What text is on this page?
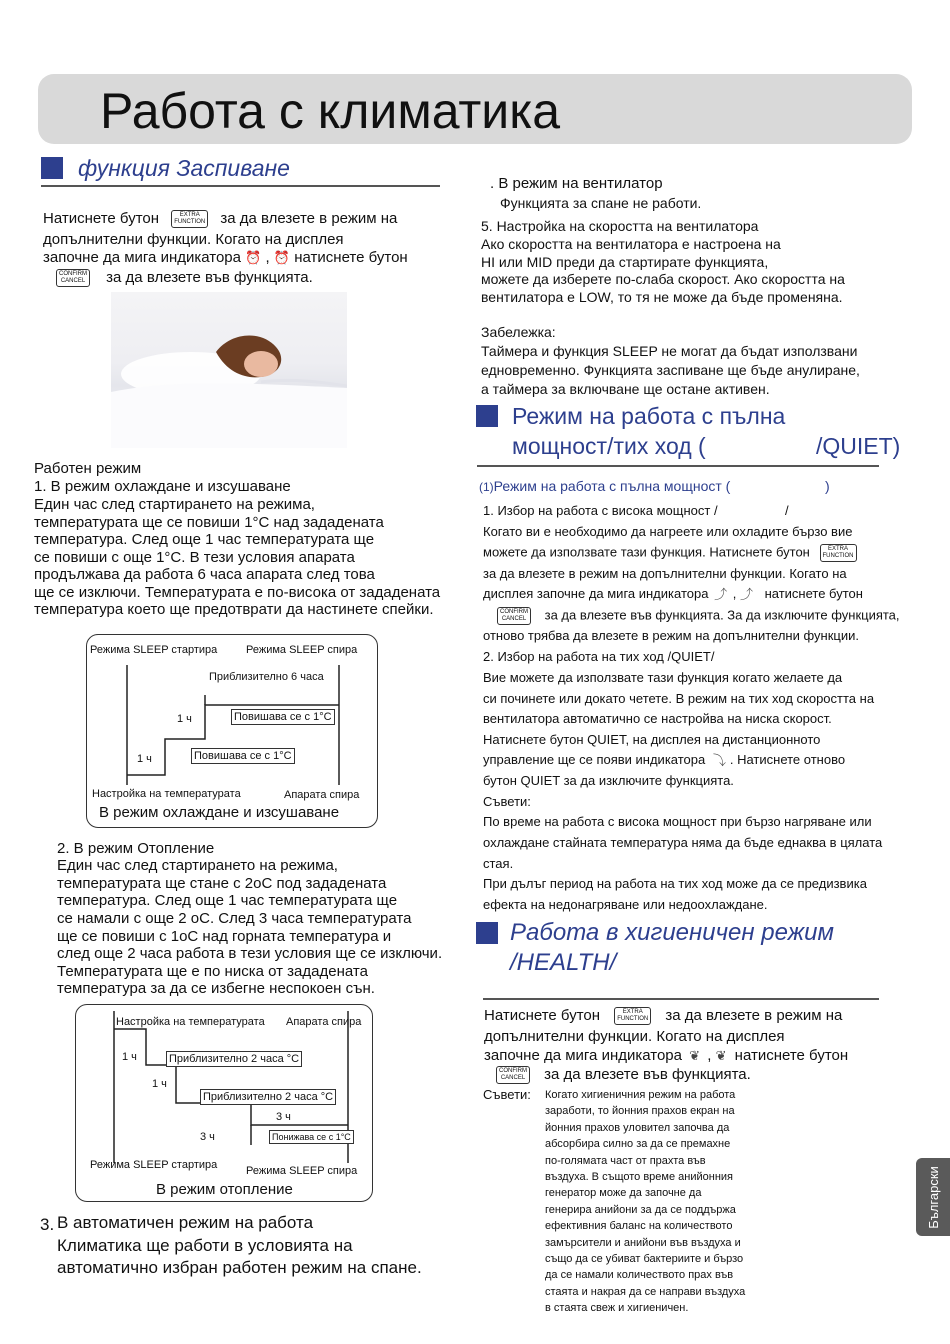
Работа с климатика
функция Заспиване
Натиснете бутон	EXTRA
FUNCTION за да влезете в режим на
допълнителни функции. Когато на дисплея
започне да мига индикатора ⏰ , ⏰ натиснете бутон
CONFIRM
CANCEL за да влезете във функцията.
Работен режим
1. В режим охлаждане и изсушаване
Един час след стартирането на режима,
температурата ще се повиши 1°С над зададената
температура. След още 1 час температурата ще
се повиши с още 1°С. В тези условия апарата
продължава да работа 6 часа апарата след това
ще се изключи. Температурата е по-висока от зададената
температура което ще предотврати да настинете спейки.
Режима SLEEP стартира	Режима SLEEP спира
Приблизително 6 часа
1 ч	Повишава се с 1°С
1 ч	Повишава се с 1°С
Настройка на температурата	Апарата спира
В режим охлаждане и изсушаване
2. В режим Отопление
Един час след стартирането на режима,
температурата ще стане с 2оС под зададената
температура. След още 1 час температурата ще
се намали с още 2 оС. След 3 часа температурата
ще се повиши с 1оС над горната температура и
след още 2 часа работа в тези условия ще се изключи.
Температурата ще е по ниска от зададената
температура за да се избегне неспокоен сън.
Настройка на температурата Апарата спира
1 ч	Приблизително 2 часа °С
1 ч
Приблизително 2 часа °С
3 ч
3 ч	Понижава се с 1°С
Режима SLEEP стартира	Режима SLEEP спира
В режим отопление
3. В автоматичен режим на работа
Климатика ще работи в условията на
автоматично избран работен режим на спане.
. В режим на вентилатор
Функцията за спане не работи.
5. Настройка на скоростта на вентилатора
Ако скоростта на вентилатора е настроена на
HI или MID преди да стартирате функцията,
можете да изберете по-слаба скорост. Ако скоростта на
вентилатора е LOW, то тя не може да бъде променяна.
Забележка:
Таймера и функция SLEEP не могат да бъдат използвани
едновременно. Функцията заспиване ще бъде анулиране,
а таймера за включване ще остане активен.
Режим на работа с пълна
мощност/тих ход (	/QUIET)
(1)Режим на работа с пълна мощност (	)
1. Избор на работа с висока мощност /	/
Когато ви е необходимо да нагреете или охладите бързо вие
можете да използвате тази функция. Натиснете бутон	EXTRA
FUNCTION
за да влезете в режим на допълнителни функции. Когато на
дисплея започне да мига индикатора ⤴ , ⤴ натиснете бутон
CONFIRM
CANCEL за да влезете във функцията. За да изключите функцията,
отново трябва да влезете в режим на допълнителни функции.
2. Избор на работа на тих ход /QUIET/
Вие можете да използвате тази функция когато желаете да
си починете или докато четете. В режим на тих ход скоростта на
вентилатора автоматично се настройва на ниска скорост.
Натиснете бутон QUIET, на дисплея на дистанционното
управление ще се появи индикатора ⤵ . Натиснете отново
бутон QUIET за да изключите функцията.
Съвети:
По време на работа с висока мощност при бързо нагряване или
охлаждане стайната температура няма да бъде еднаква в цялата
стая.
При дълъг период на работа на тих ход може да се предизвика
ефекта на недонагряване или недоохлаждане.
Работа в хигиеничен режим
/HEALTH/
Натиснете бутон	EXTRA
FUNCTION за да влезете в режим на
допълнителни функции. Когато на дисплея
започне да мига индикатора ❦ , ❦ натиснете бутон
CONFIRM
CANCEL за да влезете във функцията.
Съвети: Когато хигиеничния режим на работа
заработи, то йонния прахов екран на
йонния прахов уловител започва да
абсорбира силно за да се премахне
по-голямата част от прахта във
въздуха. В същото време анийонния
генератор може да започне да
генерира анийони за да се поддържа
ефективния баланс на количеството
замърсители и анийони във въздуха и
също да се убиват бактериите и бързо
да се намали количеството прах във
стаята и накрая да се направи въздуха
в стаята свеж и хигиеничен.
Български
